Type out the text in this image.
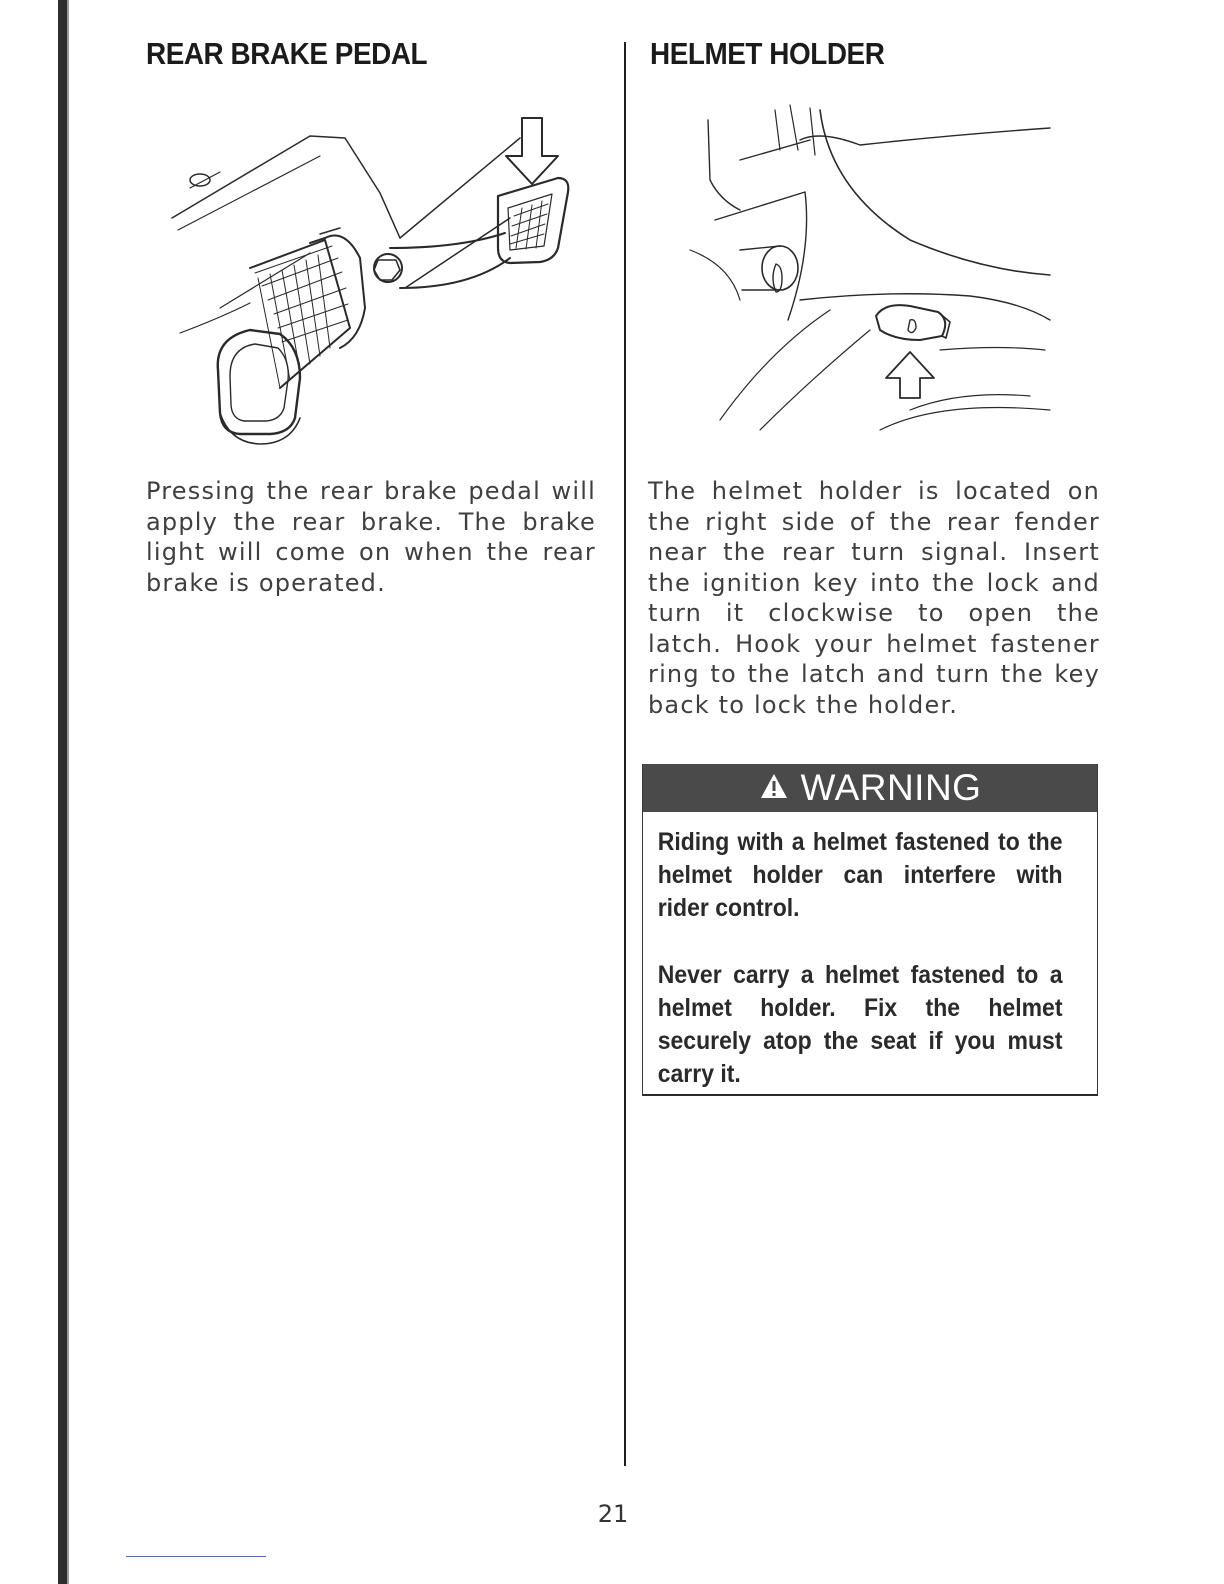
REAR BRAKE PEDAL	HELMET HOLDER

Pressing the rear brake pedal will apply the rear brake. The brake light will come on when the rear brake is operated.

The helmet holder is located on the right side of the rear fender near the rear turn signal. Insert the ignition key into the lock and turn it clockwise to open the latch. Hook your helmet fastener ring to the latch and turn the key back to lock the holder.

WARNING

Riding with a helmet fastened to the helmet holder can interfere with rider control.

Never carry a helmet fastened to a helmet holder. Fix the helmet securely atop the seat if you must carry it.

21
